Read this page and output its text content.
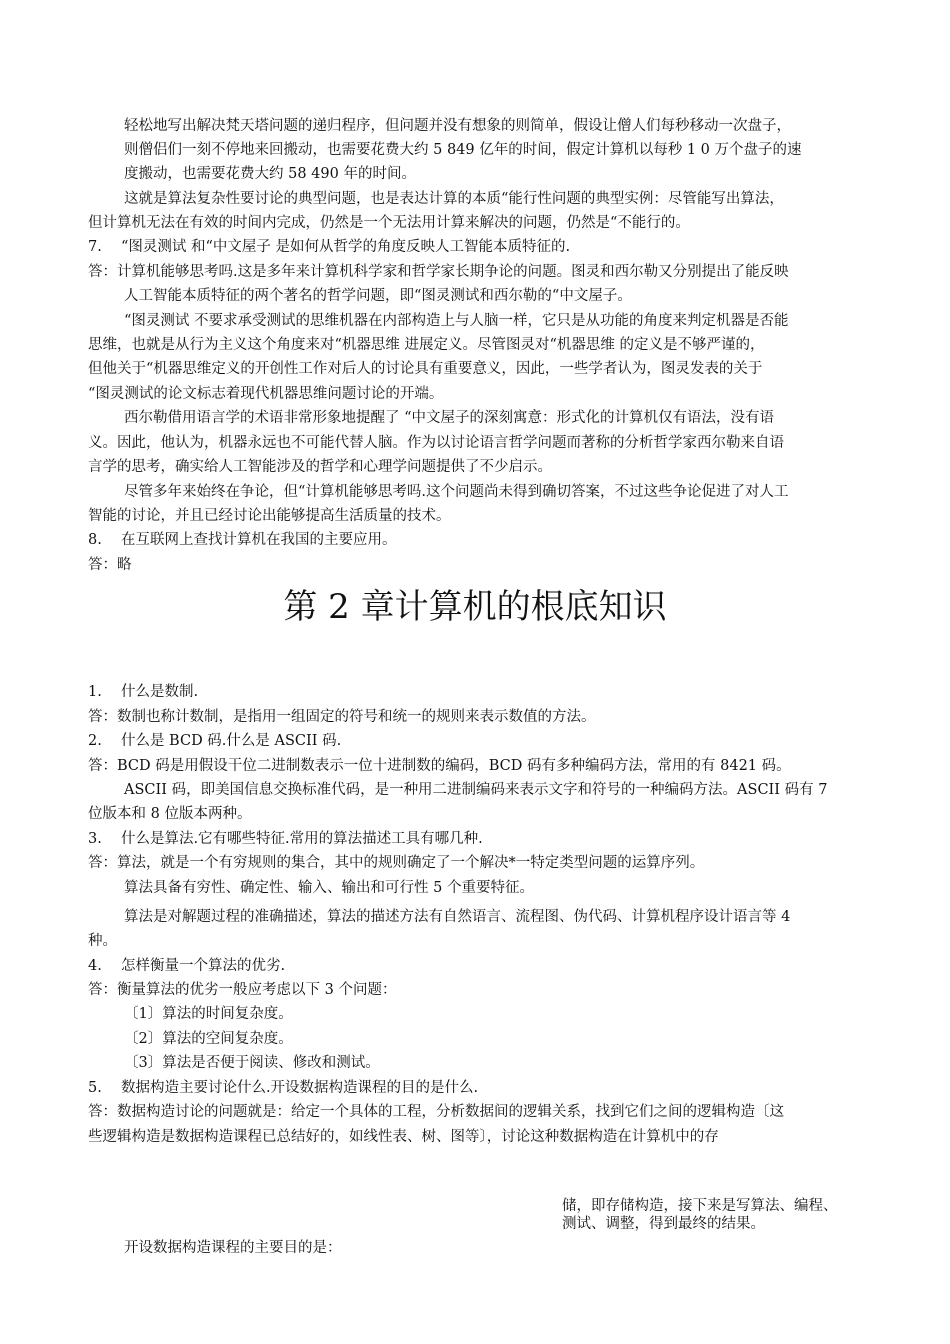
轻松地写出解决梵天塔问题的递归程序，但问题并没有想象的则简单，假设让僧人们每秒移动一次盘子，
则僧侣们一刻不停地来回搬动，也需要花费大约 5 849 亿年的时间，假定计算机以每秒 1 0 万个盘子的速
度搬动，也需要花费大约 58 490 年的时间。
这就是算法复杂性要讨论的典型问题，也是表达计算的本质“能行性问题的典型实例：尽管能写出算法，
但计算机无法在有效的时间内完成，仍然是一个无法用计算来解决的问题，仍然是“不能行的。
7.　 “图灵测试 和“中文屋子 是如何从哲学的角度反映人工智能本质特征的.
答：计算机能够思考吗.这是多年来计算机科学家和哲学家长期争论的问题。图灵和西尔勒又分别提出了能反映
人工智能本质特征的两个著名的哲学问题，即“图灵测试和西尔勒的“中文屋子。
“图灵测试 不要求承受测试的思维机器在内部构造上与人脑一样，它只是从功能的角度来判定机器是否能
思维，也就是从行为主义这个角度来对“机器思维 进展定义。尽管图灵对“机器思维 的定义是不够严谨的，
但他关于“机器思维定义的开创性工作对后人的讨论具有重要意义，因此，一些学者认为，图灵发表的关于
“图灵测试的论文标志着现代机器思维问题讨论的开端。
西尔勒借用语言学的术语非常形象地提醒了 “中文屋子的深刻寓意：形式化的计算机仅有语法，没有语
义。因此，他认为，机器永远也不可能代替人脑。作为以讨论语言哲学问题而著称的分析哲学家西尔勒来自语
言学的思考，确实给人工智能涉及的哲学和心理学问题提供了不少启示。
尽管多年来始终在争论，但“计算机能够思考吗.这个问题尚未得到确切答案，不过这些争论促进了对人工
智能的讨论，并且已经讨论出能够提高生活质量的技术。
8.　 在互联网上查找计算机在我国的主要应用。
答：略
第 2 章计算机的根底知识
1.　 什么是数制.
答：数制也称计数制，是指用一组固定的符号和统一的规则来表示数值的方法。
2.　 什么是 BCD 码.什么是 ASCII 码.
答：BCD 码是用假设干位二进制数表示一位十进制数的编码，BCD 码有多种编码方法，常用的有 8421 码。
ASCII 码，即美国信息交换标准代码，是一种用二进制编码来表示文字和符号的一种编码方法。ASCII 码有 7
位版本和 8 位版本两种。
3.　 什么是算法.它有哪些特征.常用的算法描述工具有哪几种.
答：算法，就是一个有穷规则的集合，其中的规则确定了一个解决*一特定类型问题的运算序列。
算法具备有穷性、确定性、输入、输出和可行性 5 个重要特征。
算法是对解题过程的准确描述，算法的描述方法有自然语言、流程图、伪代码、计算机程序设计语言等 4
种。
4.　 怎样衡量一个算法的优劣.
答：衡量算法的优劣一般应考虑以下 3 个问题：
〔1〕算法的时间复杂度。
〔2〕算法的空间复杂度。
〔3〕算法是否便于阅读、修改和测试。
5.　 数据构造主要讨论什么.开设数据构造课程的目的是什么.
答：数据构造讨论的问题就是：给定一个具体的工程，分析数据间的逻辑关系，找到它们之间的逻辑构造〔这
些逻辑构造是数据构造课程已总结好的，如线性表、树、图等〕，讨论这种数据构造在计算机中的存
储，即存储构造，接下来是写算法、编程、
测试、调整，得到最终的结果。
开设数据构造课程的主要目的是：
